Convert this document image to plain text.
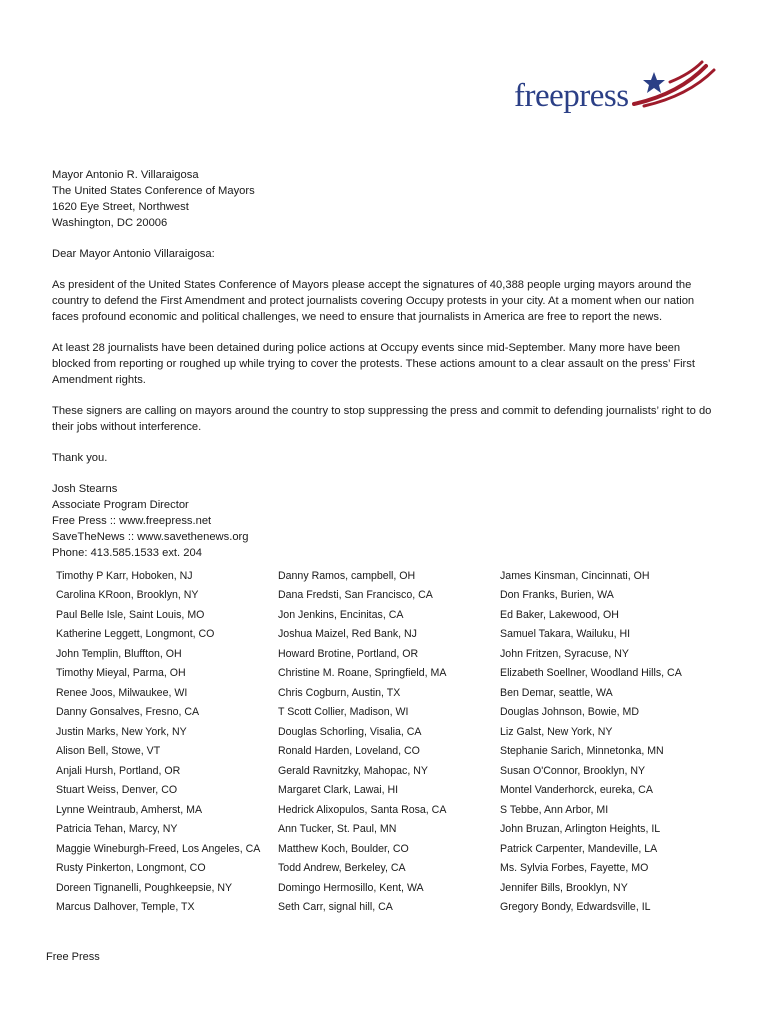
freepress

Mayor Antonio R. Villaraigosa
The United States Conference of Mayors
1620 Eye Street, Northwest
Washington, DC 20006

Dear Mayor Antonio Villaraigosa:

As president of the United States Conference of Mayors please accept the signatures of 40,388 people urging mayors around the country to defend the First Amendment and protect journalists covering Occupy protests in your city. At a moment when our nation faces profound economic and political challenges, we need to ensure that journalists in America are free to report the news.

At least 28 journalists have been detained during police actions at Occupy events since mid-September. Many more have been blocked from reporting or roughed up while trying to cover the protests. These actions amount to a clear assault on the press’ First Amendment rights.

These signers are calling on mayors around the country to stop suppressing the press and commit to defending journalists’ right to do their jobs without interference.

Thank you.

Josh Stearns
Associate Program Director
Free Press :: www.freepress.net
SaveTheNews :: www.savethenews.org
Phone: 413.585.1533 ext. 204

Timothy P Karr, Hoboken, NJ	Danny Ramos, campbell, OH	James Kinsman, Cincinnati, OH
Carolina KRoon, Brooklyn, NY	Dana Fredsti, San Francisco, CA	Don Franks, Burien, WA
Paul Belle Isle, Saint Louis, MO	Jon Jenkins, Encinitas, CA	Ed Baker, Lakewood, OH
Katherine Leggett, Longmont, CO	Joshua Maizel, Red Bank, NJ	Samuel Takara, Wailuku, HI
John Templin, Bluffton, OH	Howard Brotine, Portland, OR	John Fritzen, Syracuse, NY
Timothy Mieyal, Parma, OH	Christine M. Roane, Springfield, MA	Elizabeth Soellner, Woodland Hills, CA
Renee Joos, Milwaukee, WI	Chris Cogburn, Austin, TX	Ben Demar, seattle, WA
Danny Gonsalves, Fresno, CA	T Scott Collier, Madison, WI	Douglas Johnson, Bowie, MD
Justin Marks, New York, NY	Douglas Schorling, Visalia, CA	Liz Galst, New York, NY
Alison Bell, Stowe, VT	Ronald Harden, Loveland, CO	Stephanie Sarich, Minnetonka, MN
Anjali Hursh, Portland, OR	Gerald Ravnitzky, Mahopac, NY	Susan O'Connor, Brooklyn, NY
Stuart Weiss, Denver, CO	Margaret Clark, Lawai, HI	Montel Vanderhorck, eureka, CA
Lynne Weintraub, Amherst, MA	Hedrick Alixopulos, Santa Rosa, CA	S Tebbe, Ann Arbor, MI
Patricia Tehan, Marcy, NY	Ann Tucker, St. Paul, MN	John Bruzan, Arlington Heights, IL
Maggie Wineburgh-Freed, Los Angeles, CA	Matthew Koch, Boulder, CO	Patrick Carpenter, Mandeville, LA
Rusty Pinkerton, Longmont, CO	Todd Andrew, Berkeley, CA	Ms. Sylvia Forbes, Fayette, MO
Doreen Tignanelli, Poughkeepsie, NY	Domingo Hermosillo, Kent, WA	Jennifer Bills, Brooklyn, NY
Marcus Dalhover, Temple, TX	Seth Carr, signal hill, CA	Gregory Bondy, Edwardsville, IL
Free Press
